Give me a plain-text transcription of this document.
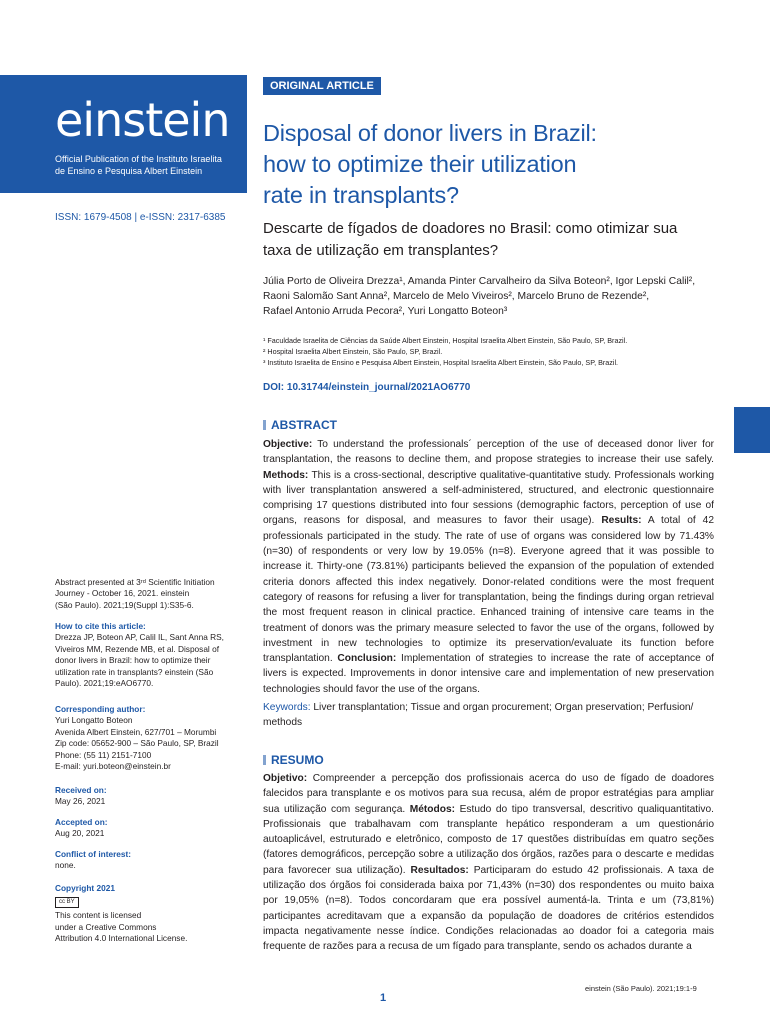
einstein
Official Publication of the Instituto Israelita
de Ensino e Pesquisa Albert Einstein
ISSN: 1679-4508 | e-ISSN: 2317-6385
ORIGINAL ARTICLE
Disposal of donor livers in Brazil:
how to optimize their utilization
rate in transplants?
Descarte de fígados de doadores no Brasil: como otimizar sua
taxa de utilização em transplantes?
Júlia Porto de Oliveira Drezza¹, Amanda Pinter Carvalheiro da Silva Boteon², Igor Lepski Calil²,
Raoni Salomão Sant Anna², Marcelo de Melo Viveiros², Marcelo Bruno de Rezende²,
Rafael Antonio Arruda Pecora², Yuri Longatto Boteon³
¹ Faculdade Israelita de Ciências da Saúde Albert Einstein, Hospital Israelita Albert Einstein, São Paulo, SP, Brazil.
² Hospital Israelita Albert Einstein, São Paulo, SP, Brazil.
³ Instituto Israelita de Ensino e Pesquisa Albert Einstein, Hospital Israelita Albert Einstein, São Paulo, SP, Brazil.
DOI: 10.31744/einstein_journal/2021AO6770
ABSTRACT

Objective: To understand the professionals´ perception of the use of deceased donor liver for transplantation, the reasons to decline them, and propose strategies to increase their use safely. Methods: This is a cross-sectional, descriptive qualitative-quantitative study. Professionals working with liver transplantation answered a self-administered, structured, and electronic questionnaire comprising 17 questions distributed into four sessions (demographic factors, perception of use of organs, reasons for disposal, and measures to favor their usage). Results: A total of 42 professionals participated in the study. The rate of use of organs was considered low by 71.43% (n=30) of respondents or very low by 19.05% (n=8). Everyone agreed that it was possible to increase it. Thirty-one (73.81%) participants believed the expansion of the population of extended criteria donors affected this index negatively. Donor-related conditions were the most frequent category of reasons for refusing a liver for transplantation, being the findings during organ retrieval the most frequent reason in clinical practice. Enhanced training of intensive care teams in the treatment of donors was the primary measure selected to favor the use of the organs, followed by investment in new technologies to optimize its preservation/evaluate its function before transplantation. Conclusion: Implementation of strategies to increase the rate of acceptance of livers is expected. Improvements in donor intensive care and implementation of new preservation technologies should favor the use of the organs.

Keywords: Liver transplantation; Tissue and organ procurement; Organ preservation; Perfusion/ methods
RESUMO

Objetivo: Compreender a percepção dos profissionais acerca do uso de fígado de doadores falecidos para transplante e os motivos para sua recusa, além de propor estratégias para ampliar sua utilização com segurança. Métodos: Estudo do tipo transversal, descritivo qualiquantitativo. Profissionais que trabalhavam com transplante hepático responderam a um questionário autoaplicável, estruturado e eletrônico, composto de 17 questões distribuídas em quatro seções (fatores demográficos, percepção sobre a utilização dos órgãos, razões para o descarte e medidas para favorecer sua utilização). Resultados: Participaram do estudo 42 profissionais. A taxa de utilização dos órgãos foi considerada baixa por 71,43% (n=30) dos respondentes ou muito baixa por 19,05% (n=8). Todos concordaram que era possível aumentá-la. Trinta e um (73,81%) participantes acreditavam que a expansão da população de doadores de critérios estendidos impacta negativamente nesse índice. Condições relacionadas ao doador foi a categoria mais frequente de razões para a recusa de um fígado para transplante, sendo os achados durante a

Abstract presented at 3ʳᵈ Scientific Initiation
Journey - October 16, 2021. einstein
(São Paulo). 2021;19(Suppl 1):S35-6.
How to cite this article:
Drezza JP, Boteon AP, Calil IL, Sant Anna RS,
Viveiros MM, Rezende MB, et al. Disposal of
donor livers in Brazil: how to optimize their
utilization rate in transplants? einstein (São
Paulo). 2021;19:eAO6770.
Corresponding author:
Yuri Longatto Boteon
Avenida Albert Einstein, 627/701 – Morumbi
Zip code: 05652-900 – São Paulo, SP, Brazil
Phone: (55 11) 2151-7100
E-mail: yuri.boteon@einstein.br
Received on:
May 26, 2021
Accepted on:
Aug 20, 2021
Conflict of interest:
none.
Copyright 2021
cc BY
This content is licensed
under a Creative Commons
Attribution 4.0 International License.
einstein (São Paulo). 2021;19:1-9
1
